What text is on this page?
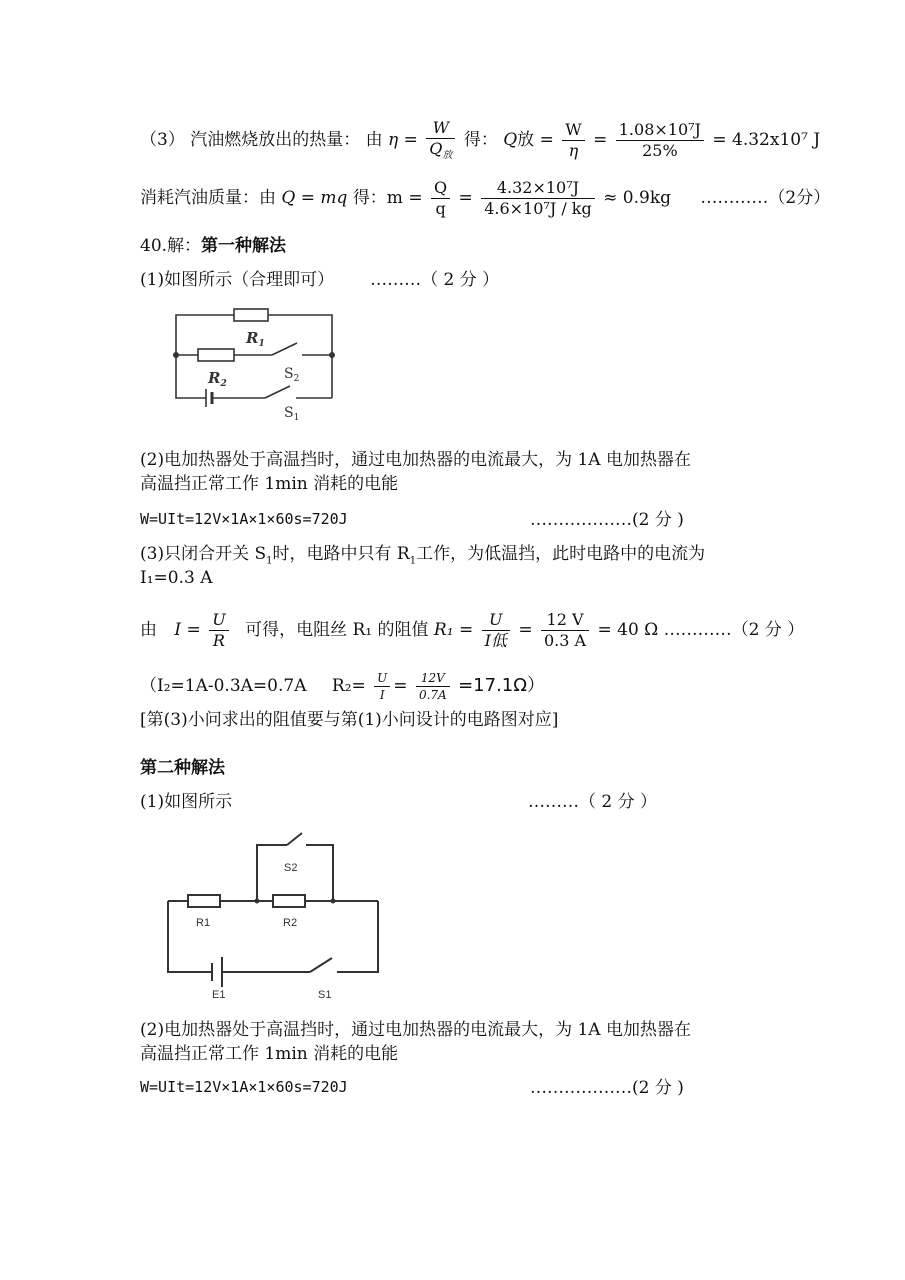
（3） 汽油燃烧放出的热量： 由 $\eta = \frac{W}{Q_放}$ 得： Q放 = $\frac{W}{\eta} = \frac{\text{1.08×10⁷J}}{25\%} = 4.32x10^7$ J
消耗汽油质量：由 Q = mq 得：$m = \frac{Q}{q} = \frac{\text{4.32×10⁷J}}{\text{4.6×10⁷J / kg}} \approx 0.9kg$ …………（2分）
40.解：第一种解法
(1)如图所示（合理即可） ………（ 2 分 ）
$R_1$
$R_2$
$S_2$
$S_1$
(2)电加热器处于高温挡时，通过电加热器的电流最大，为 1A 电加热器在
高温挡正常工作 1min 消耗的电能
W=UIt=12V×1A×1×60s=720J	………………(2 分 )
(3)只闭合开关 $S_1$时，电路中只有 $R_1$工作，为低温挡，此时电路中的电流为
I₁=0.3 A
由 $I = \frac{U}{R}$ 可得，电阻丝 R₁ 的阻值 $R_1 = \frac{U}{\text{I低}} = \frac{12 V}{0.3 A} = 40$ Ω …………（2 分 ）
（I₂=1A-0.3A=0.7A $R_2= \frac{U}{I} = \frac{12V}{0.7A} =17.1\Omega$）
[第(3)小问求出的阻值要与第(1)小问设计的电路图对应]
第二种解法
(1)如图所示	………（ 2 分 ）
S2
R1	R2
E1	S1
(2)电加热器处于高温挡时，通过电加热器的电流最大，为 1A 电加热器在
高温挡正常工作 1min 消耗的电能
W=UIt=12V×1A×1×60s=720J	………………(2 分 )
